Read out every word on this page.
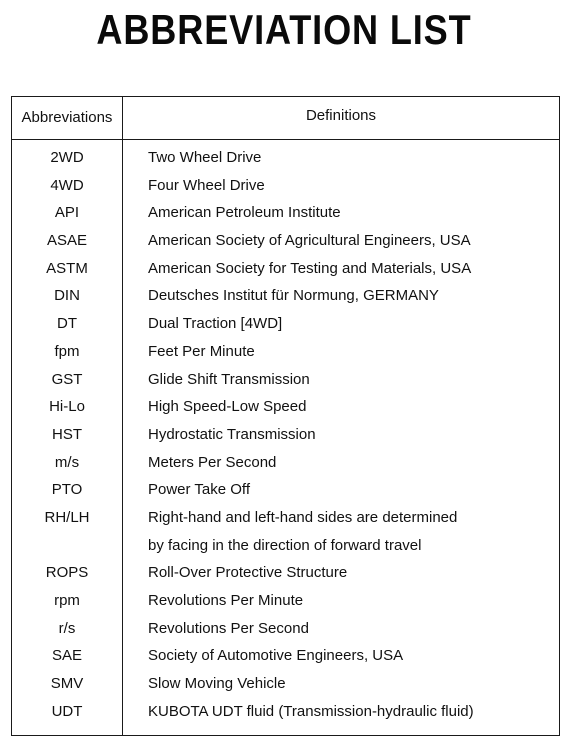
ABBREVIATION LIST
Abbreviations	Definitions
2WD	Two Wheel Drive
4WD	Four Wheel Drive
API	American Petroleum Institute
ASAE	American Society of Agricultural Engineers, USA
ASTM	American Society for Testing and Materials, USA
DIN	Deutsches Institut für Normung, GERMANY
DT	Dual Traction [4WD]
fpm	Feet Per Minute
GST	Glide Shift Transmission
Hi-Lo	High Speed-Low Speed
HST	Hydrostatic Transmission
m/s	Meters Per Second
PTO	Power Take Off
RH/LH	Right-hand and left-hand sides are determined
by facing in the direction of forward travel
ROPS	Roll-Over Protective Structure
rpm	Revolutions Per Minute
r/s	Revolutions Per Second
SAE	Society of Automotive Engineers, USA
SMV	Slow Moving Vehicle
UDT	KUBOTA UDT fluid (Transmission-hydraulic fluid)
